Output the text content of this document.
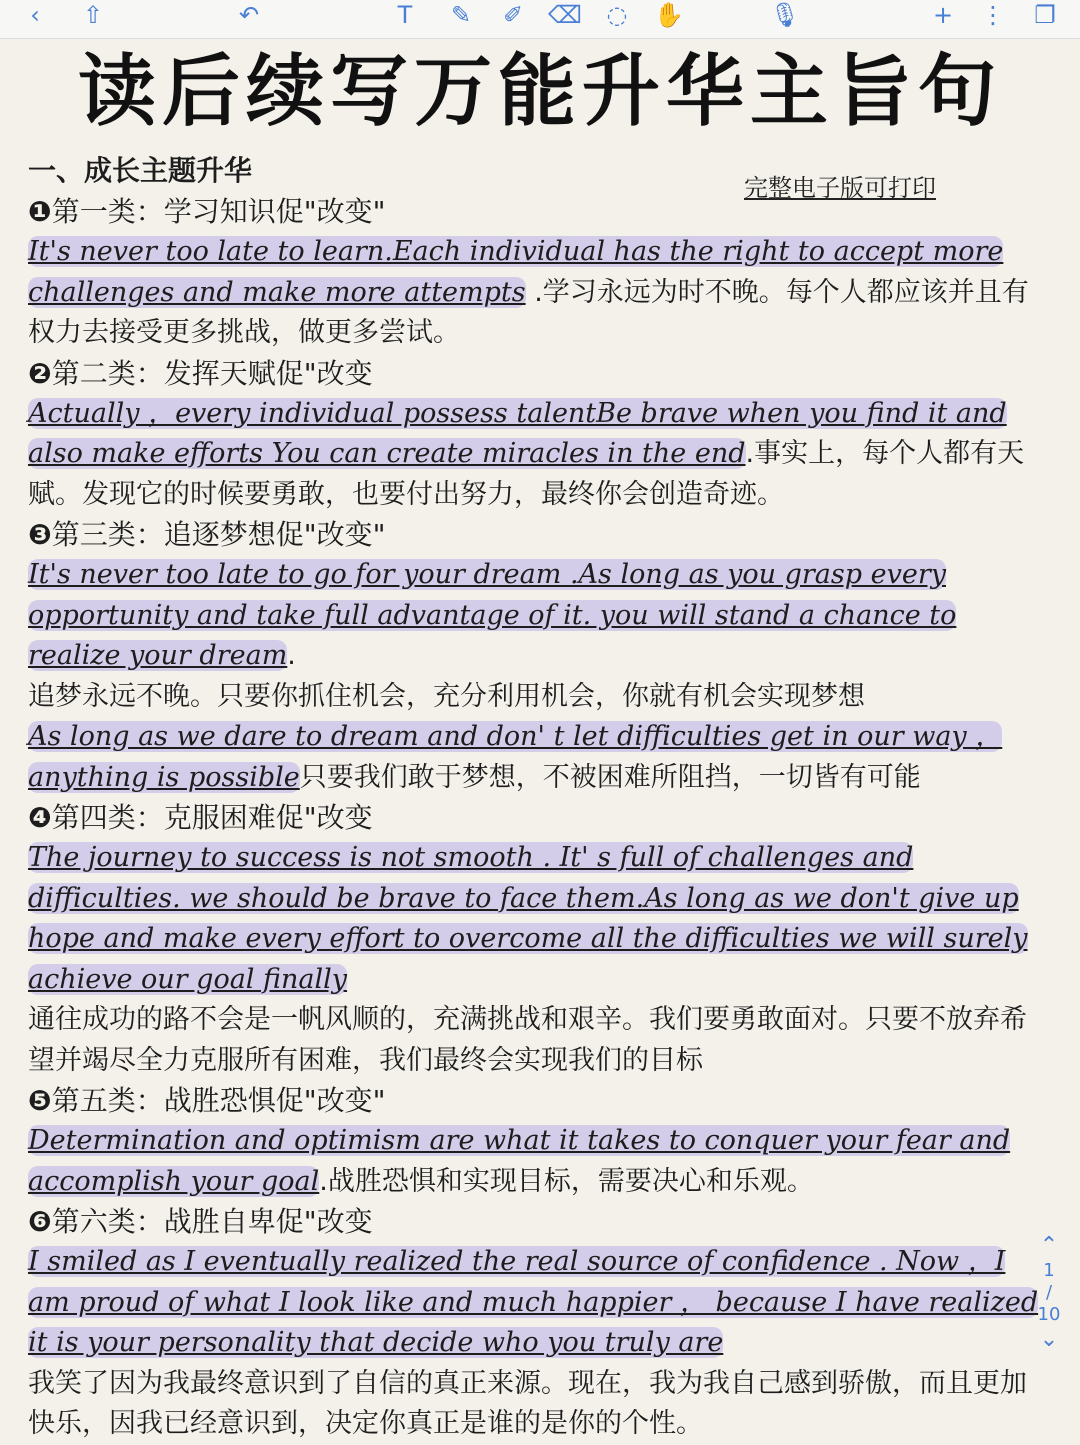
‹	⇧	↶	T	✎ ✐ ⌫ ◌ ✋	🎙	+ ⋮ ❐
读后续写万能升华主旨句
完整电子版可打印
一、成长主题升华
❶第一类：学习知识促"改变"

It's never too late to learn.Each individual has the right to accept more challenges and make more attempts .学习永远为时不晚。每个人都应该并且有权力去接受更多挑战，做更多尝试。

❷第二类：发挥天赋促"改变

Actually ，every individual possess talentBe brave when you find it and also make efforts You can create miracles in the end.事实上，每个人都有天赋。发现它的时候要勇敢，也要付出努力，最终你会创造奇迹。

❸第三类：追逐梦想促"改变"

It's never too late to go for your dream .As long as you grasp every opportunity and take full advantage of it. you will stand a chance to realize your dream.

追梦永远不晚。只要你抓住机会，充分利用机会，你就有机会实现梦想

As long as we dare to dream and don' t let difficulties get in our way ，anything is possible只要我们敢于梦想，不被困难所阻挡，一切皆有可能

❹第四类：克服困难促"改变

The journey to success is not smooth . It' s full of challenges and difficulties. we should be brave to face them.As long as we don't give up hope and make every effort to overcome all the difficulties we will surely achieve our goal finally

通往成功的路不会是一帆风顺的，充满挑战和艰辛。我们要勇敢面对。只要不放弃希望并竭尽全力克服所有困难，我们最终会实现我们的目标

❺第五类：战胜恐惧促"改变"

Determination and optimism are what it takes to conquer your fear and accomplish your goal.战胜恐惧和实现目标，需要决心和乐观。

❻第六类：战胜自卑促"改变

I smiled as I eventually realized the real source of confidence . Now ，I am proud of what I look like and much happier ， because I have realized it is your personality that decide who you truly are

我笑了因为我最终意识到了自信的真正来源。现在，我为我自己感到骄傲，而且更加快乐，因我已经意识到，决定你真正是谁的是你的个性。

⌃
1
/
10
⌄
